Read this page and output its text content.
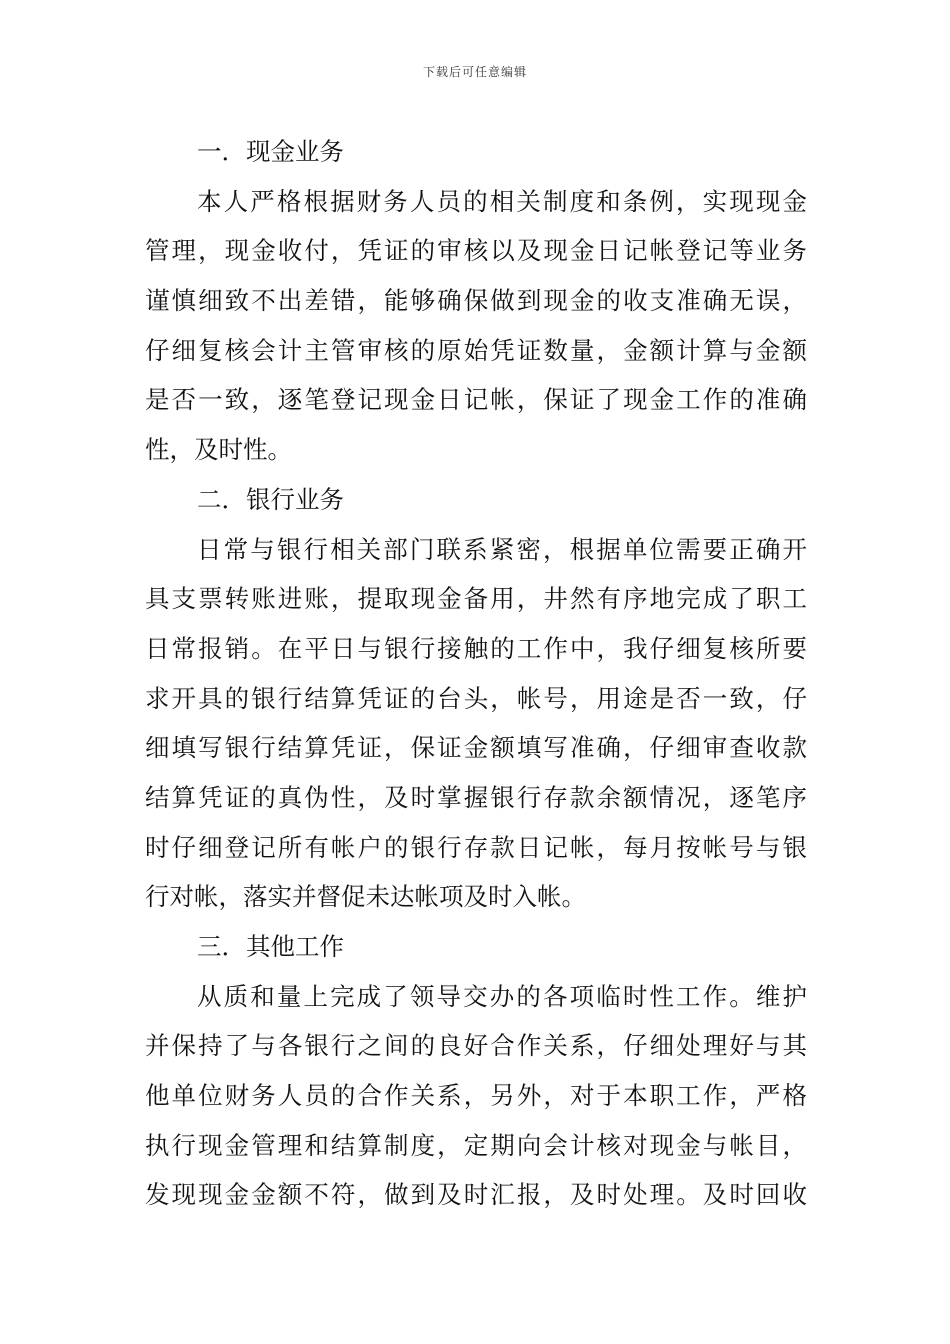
下载后可任意编辑
一．现金业务
本人严格根据财务人员的相关制度和条例，实现现金
管理，现金收付，凭证的审核以及现金日记帐登记等业务
谨慎细致不出差错，能够确保做到现金的收支准确无误，
仔细复核会计主管审核的原始凭证数量，金额计算与金额
是否一致，逐笔登记现金日记帐，保证了现金工作的准确
性，及时性。
二．银行业务
日常与银行相关部门联系紧密，根据单位需要正确开
具支票转账进账，提取现金备用，井然有序地完成了职工
日常报销。在平日与银行接触的工作中，我仔细复核所要
求开具的银行结算凭证的台头，帐号，用途是否一致，仔
细填写银行结算凭证，保证金额填写准确，仔细审查收款
结算凭证的真伪性，及时掌握银行存款余额情况，逐笔序
时仔细登记所有帐户的银行存款日记帐，每月按帐号与银
行对帐，落实并督促未达帐项及时入帐。
三．其他工作
从质和量上完成了领导交办的各项临时性工作。维护
并保持了与各银行之间的良好合作关系，仔细处理好与其
他单位财务人员的合作关系，另外，对于本职工作，严格
执行现金管理和结算制度，定期向会计核对现金与帐目，
发现现金金额不符，做到及时汇报，及时处理。及时回收
